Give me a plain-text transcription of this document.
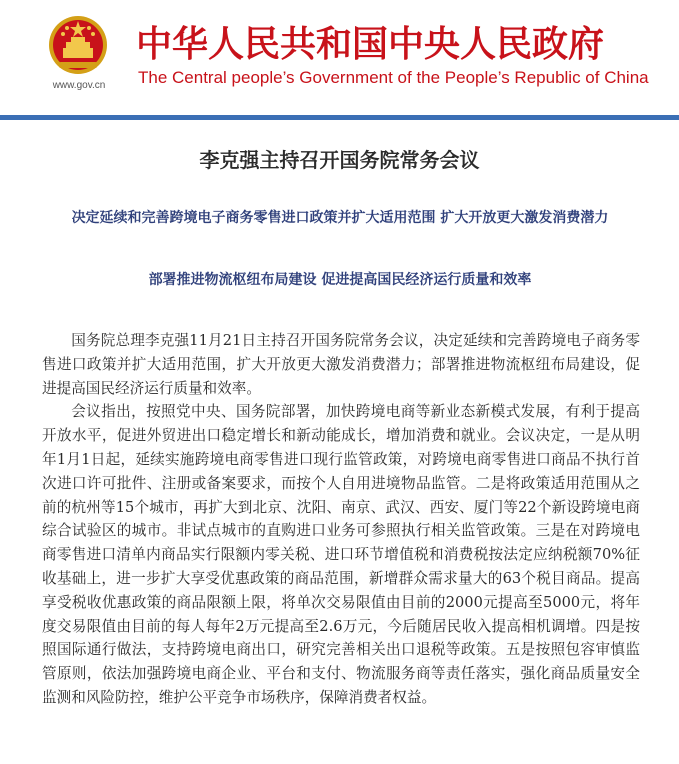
www.gov.cn
中华人民共和国中央人民政府
The Central people’s Government of the People’s Republic of China
李克强主持召开国务院常务会议
决定延续和完善跨境电子商务零售进口政策并扩大适用范围 扩大开放更大激发消费潜力
部署推进物流枢纽布局建设 促进提高国民经济运行质量和效率

国务院总理李克强11月21日主持召开国务院常务会议，决定延续和完善跨境电子商务零售进口政策并扩大适用范围，扩大开放更大激发消费潜力；部署推进物流枢纽布局建设，促进提高国民经济运行质量和效率。

会议指出，按照党中央、国务院部署，加快跨境电商等新业态新模式发展，有利于提高开放水平，促进外贸进出口稳定增长和新动能成长，增加消费和就业。会议决定，一是从明年1月1日起，延续实施跨境电商零售进口现行监管政策，对跨境电商零售进口商品不执行首次进口许可批件、注册或备案要求，而按个人自用进境物品监管。二是将政策适用范围从之前的杭州等15个城市，再扩大到北京、沈阳、南京、武汉、西安、厦门等22个新设跨境电商综合试验区的城市。非试点城市的直购进口业务可参照执行相关监管政策。三是在对跨境电商零售进口清单内商品实行限额内零关税、进口环节增值税和消费税按法定应纳税额70%征收基础上，进一步扩大享受优惠政策的商品范围，新增群众需求量大的63个税目商品。提高享受税收优惠政策的商品限额上限，将单次交易限值由目前的2000元提高至5000元，将年度交易限值由目前的每人每年2万元提高至2.6万元，今后随居民收入提高相机调增。四是按照国际通行做法，支持跨境电商出口，研究完善相关出口退税等政策。五是按照包容审慎监管原则，依法加强跨境电商企业、平台和支付、物流服务商等责任落实，强化商品质量安全监测和风险防控，维护公平竞争市场秩序，保障消费者权益。
